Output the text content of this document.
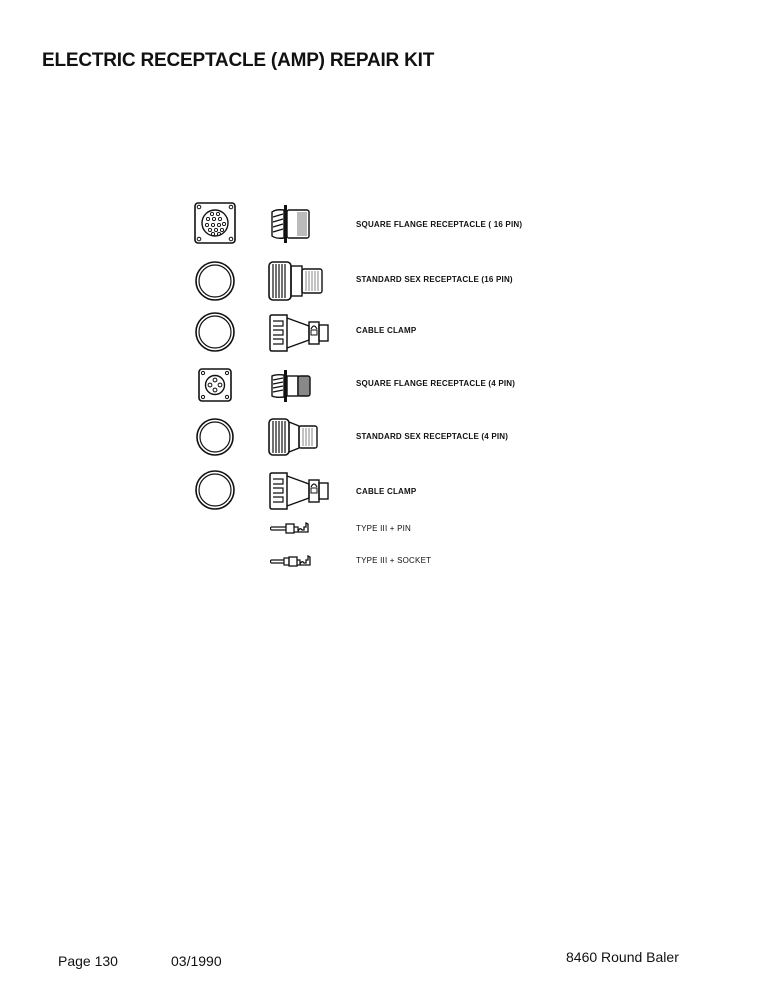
ELECTRIC RECEPTACLE (AMP) REPAIR KIT
SQUARE FLANGE RECEPTACLE ( 16 PIN)
STANDARD SEX RECEPTACLE (16 PIN)
CABLE CLAMP
SQUARE FLANGE RECEPTACLE (4 PIN)
STANDARD SEX RECEPTACLE (4 PIN)
CABLE CLAMP
TYPE III + PIN
TYPE III + SOCKET
Page 130	03/1990	8460 Round Baler
